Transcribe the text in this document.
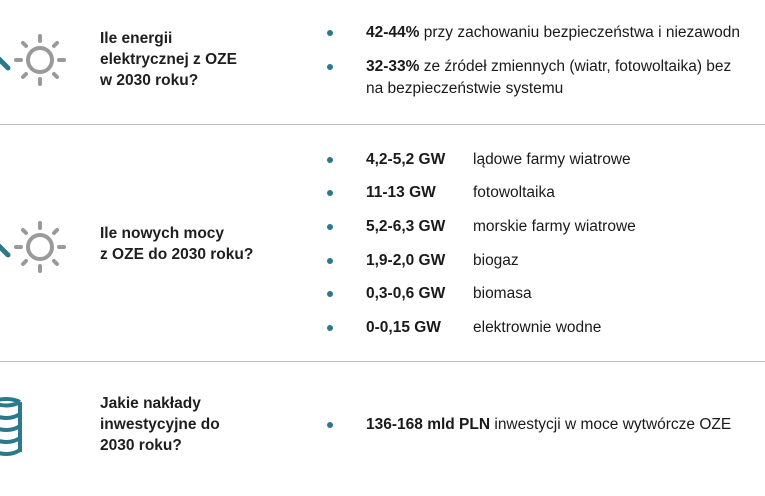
Ile energii
elektrycznej z OZE
w 2030 roku?
42-44% przy zachowaniu bezpieczeństwa i niezawodn
32-33% ze źródeł zmiennych (wiatr, fotowoltaika) bez
na bezpieczeństwie systemu
Ile nowych mocy
z OZE do 2030 roku?
4,2-5,2 GW lądowe farmy wiatrowe
11-13 GW fotowoltaika
5,2-6,3 GW morskie farmy wiatrowe
1,9-2,0 GW biogaz
0,3-0,6 GW biomasa
0-0,15 GW elektrownie wodne
Jakie nakłady
inwestycyjne do
2030 roku?
136-168 mld PLN inwestycji w moce wytwórcze OZE
